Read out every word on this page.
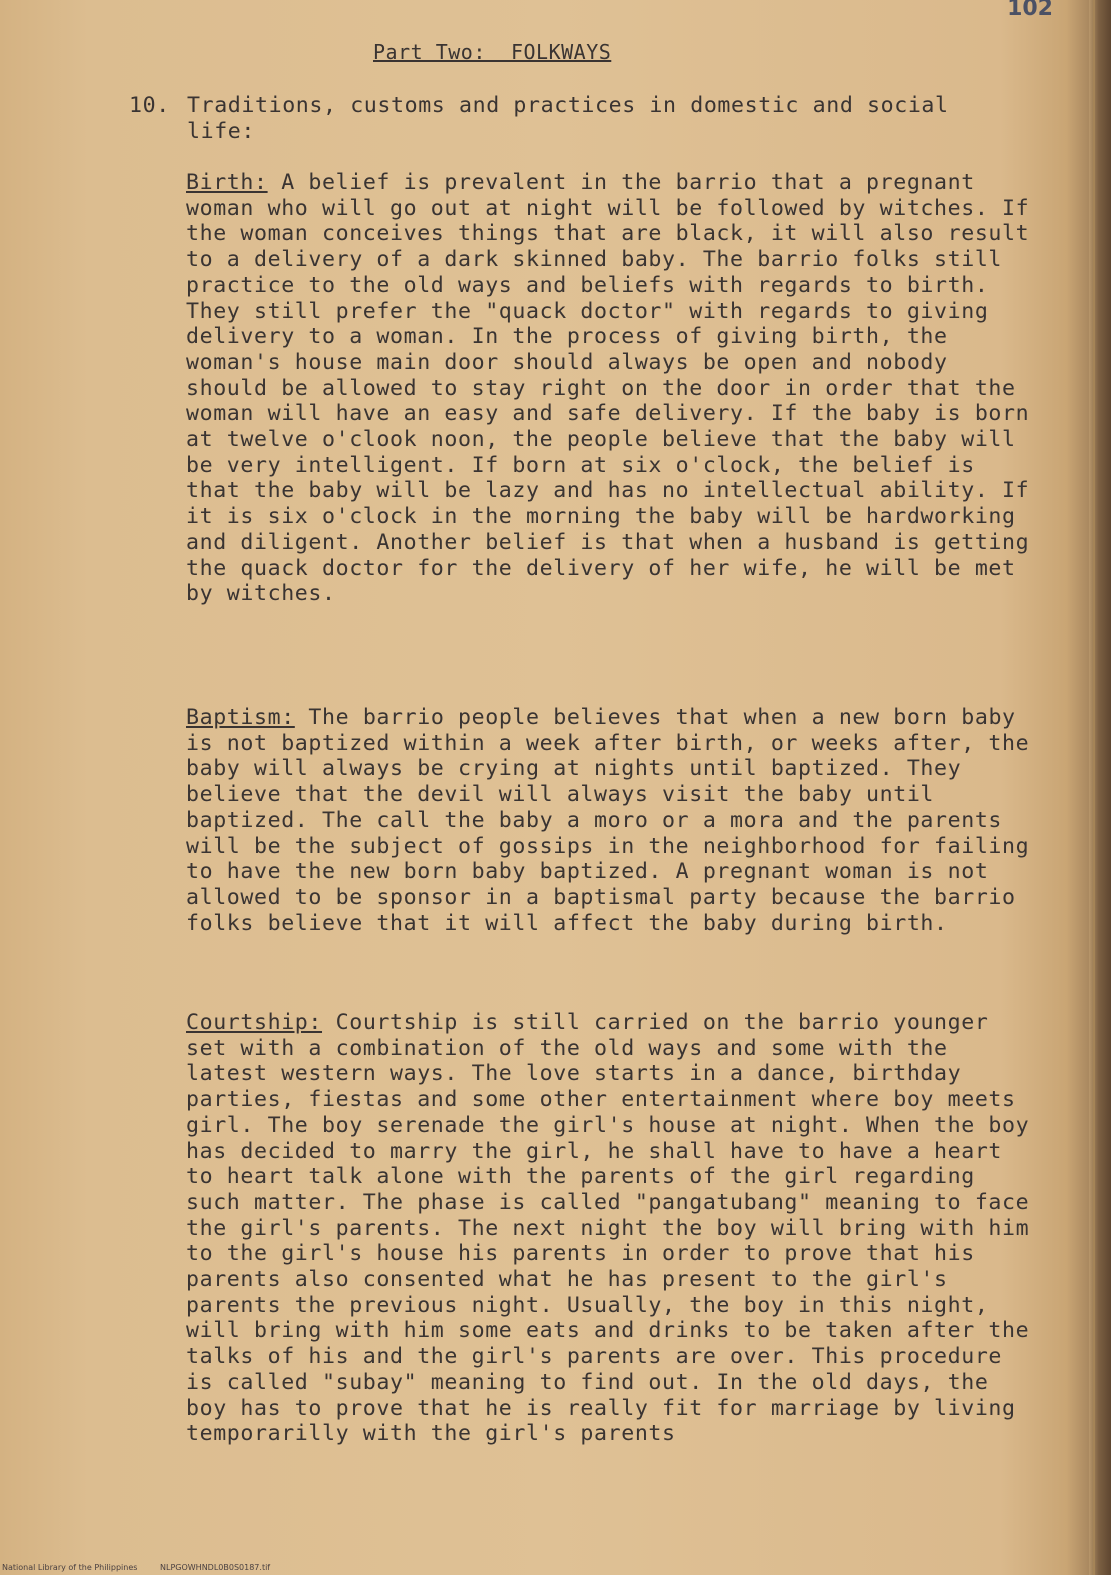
102
Part Two:  FOLKWAYS
10. Traditions, customs and practices in domestic and social life:
Birth: A belief is prevalent in the barrio that a pregnant woman who will go out at night will be followed by witches. If the woman conceives things that are black, it will also result to a delivery of a dark skinned baby. The barrio folks still practice to the old ways and beliefs with regards to birth. They still prefer the "quack doctor" with regards to giving delivery to a woman. In the process of giving birth, the woman's house main door should always be open and nobody should be allowed to stay right on the door in order that the woman will have an easy and safe delivery. If the baby is born at twelve o'clook noon, the people believe that the baby will be very intelligent. If born at six o'clock, the belief is that the baby will be lazy and has no intellectual ability. If it is six o'clock in the morning the baby will be hardworking and diligent. Another belief is that when a husband is getting the quack doctor for the delivery of her wife, he will be met by witches.
Baptism: The barrio people believes that when a new born baby is not baptized within a week after birth, or weeks after, the baby will always be crying at nights until baptized. They believe that the devil will always visit the baby until baptized. The call the baby a moro or a mora and the parents will be the subject of gossips in the neighborhood for failing to have the new born baby baptized. A pregnant woman is not allowed to be sponsor in a baptismal party because the barrio folks believe that it will affect the baby during birth.
Courtship: Courtship is still carried on the barrio younger set with a combination of the old ways and some with the latest western ways. The love starts in a dance, birthday parties, fiestas and some other entertainment where boy meets girl. The boy serenade the girl's house at night. When the boy has decided to marry the girl, he shall have to have a heart to heart talk alone with the parents of the girl regarding such matter. The phase is called "pangatubang" meaning to face the girl's parents. The next night the boy will bring with him to the girl's house his parents in order to prove that his parents also consented what he has present to the girl's parents the previous night. Usually, the boy in this night, will bring with him some eats and drinks to be taken after the talks of his and the girl's parents are over. This procedure is called "subay" meaning to find out. In the old days, the boy has to prove that he is really fit for marriage by living temporarilly with the girl's parents
National Library of the Philippines	NLPGOWHNDL0B0S0187.tif
